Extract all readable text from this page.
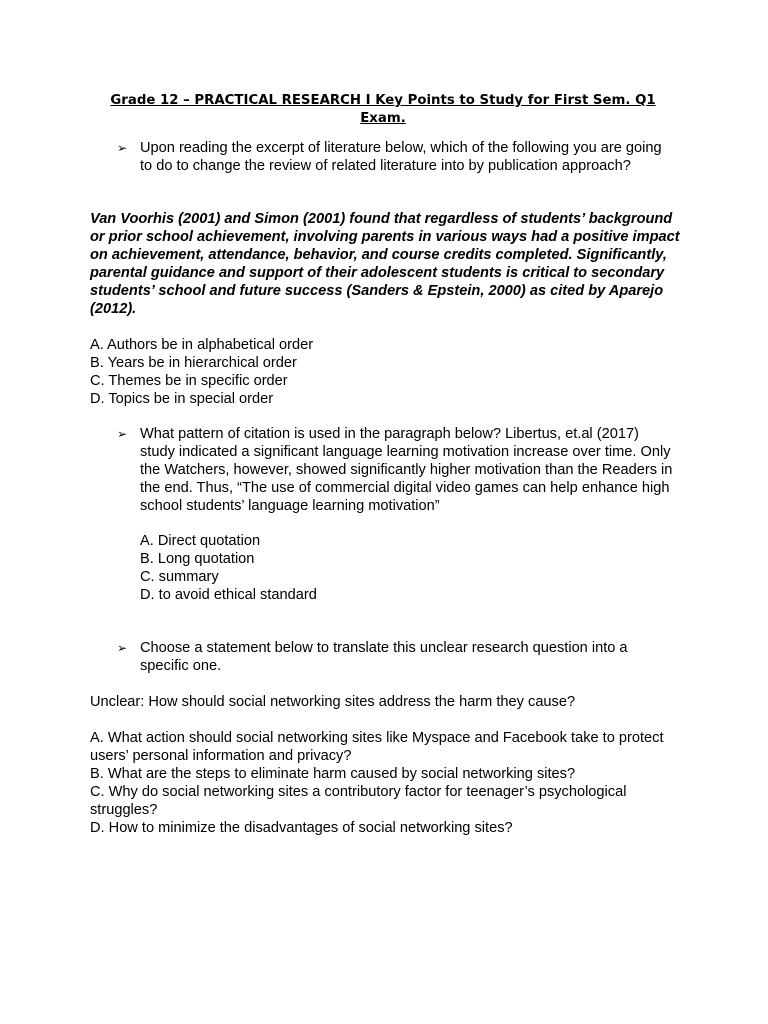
Grade 12 – PRACTICAL RESEARCH I Key Points to Study for First Sem. Q1 Exam.
➢ Upon reading the excerpt of literature below, which of the following you are going to do to change the review of related literature into by publication approach?
Van Voorhis (2001) and Simon (2001) found that regardless of students’ background or prior school achievement, involving parents in various ways had a positive impact on achievement, attendance, behavior, and course credits completed. Significantly, parental guidance and support of their adolescent students is critical to secondary students’ school and future success (Sanders & Epstein, 2000) as cited by Aparejo (2012).
A. Authors be in alphabetical order
B. Years be in hierarchical order
C. Themes be in specific order
D. Topics be in special order
➢ What pattern of citation is used in the paragraph below? Libertus, et.al (2017) study indicated a significant language learning motivation increase over time. Only the Watchers, however, showed significantly higher motivation than the Readers in the end. Thus, “The use of commercial digital video games can help enhance high school students’ language learning motivation”
A. Direct quotation
B. Long quotation
C. summary
D. to avoid ethical standard
➢ Choose a statement below to translate this unclear research question into a specific one.
Unclear: How should social networking sites address the harm they cause?
A. What action should social networking sites like Myspace and Facebook take to protect users’ personal information and privacy?
B. What are the steps to eliminate harm caused by social networking sites?
C. Why do social networking sites a contributory factor for teenager’s psychological struggles?
D. How to minimize the disadvantages of social networking sites?
